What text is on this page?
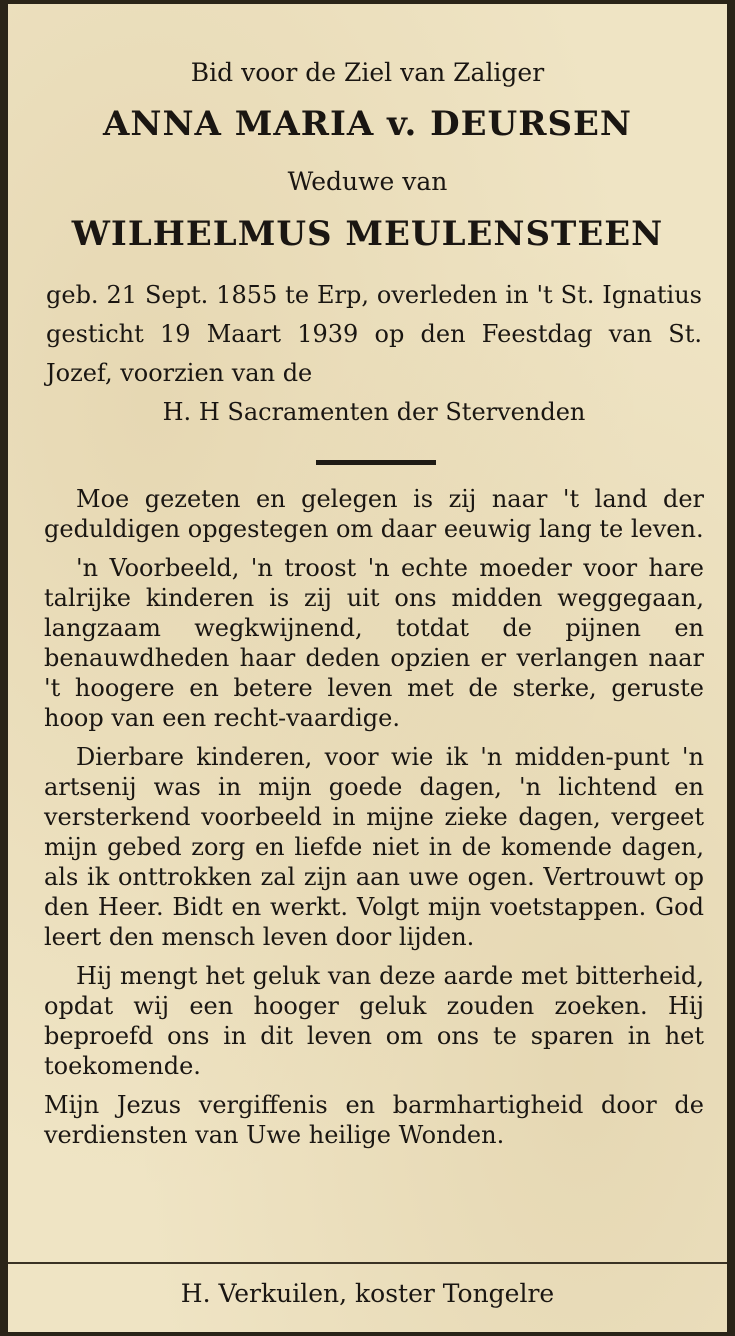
Bid voor de Ziel van Zaliger
ANNA MARIA v. DEURSEN
Weduwe van
WILHELMUS MEULENSTEEN
geb. 21 Sept. 1855 te Erp, overleden in 't St. Ignatius gesticht 19 Maart 1939 op den Feestdag van St. Jozef, voorzien van de
H. H Sacramenten der Stervenden

Moe gezeten en gelegen is zij naar 't land der geduldigen opgestegen om daar eeuwig lang te leven.

'n Voorbeeld, 'n troost 'n echte moeder voor hare talrijke kinderen is zij uit ons midden weggegaan, langzaam wegkwijnend, totdat de pijnen en benauwdheden haar deden opzien er verlangen naar 't hoogere en betere leven met de sterke, geruste hoop van een recht-vaardige.

Dierbare kinderen, voor wie ik 'n midden-punt 'n artsenij was in mijn goede dagen, 'n lichtend en versterkend voorbeeld in mijne zieke dagen, vergeet mijn gebed zorg en liefde niet in de komende dagen, als ik onttrokken zal zijn aan uwe ogen. Vertrouwt op den Heer. Bidt en werkt. Volgt mijn voetstappen. God leert den mensch leven door lijden.

Hij mengt het geluk van deze aarde met bitterheid, opdat wij een hooger geluk zouden zoeken. Hij beproefd ons in dit leven om ons te sparen in het toekomende.

Mijn Jezus vergiffenis en barmhartigheid door de verdiensten van Uwe heilige Wonden.

H. Verkuilen, koster Tongelre
